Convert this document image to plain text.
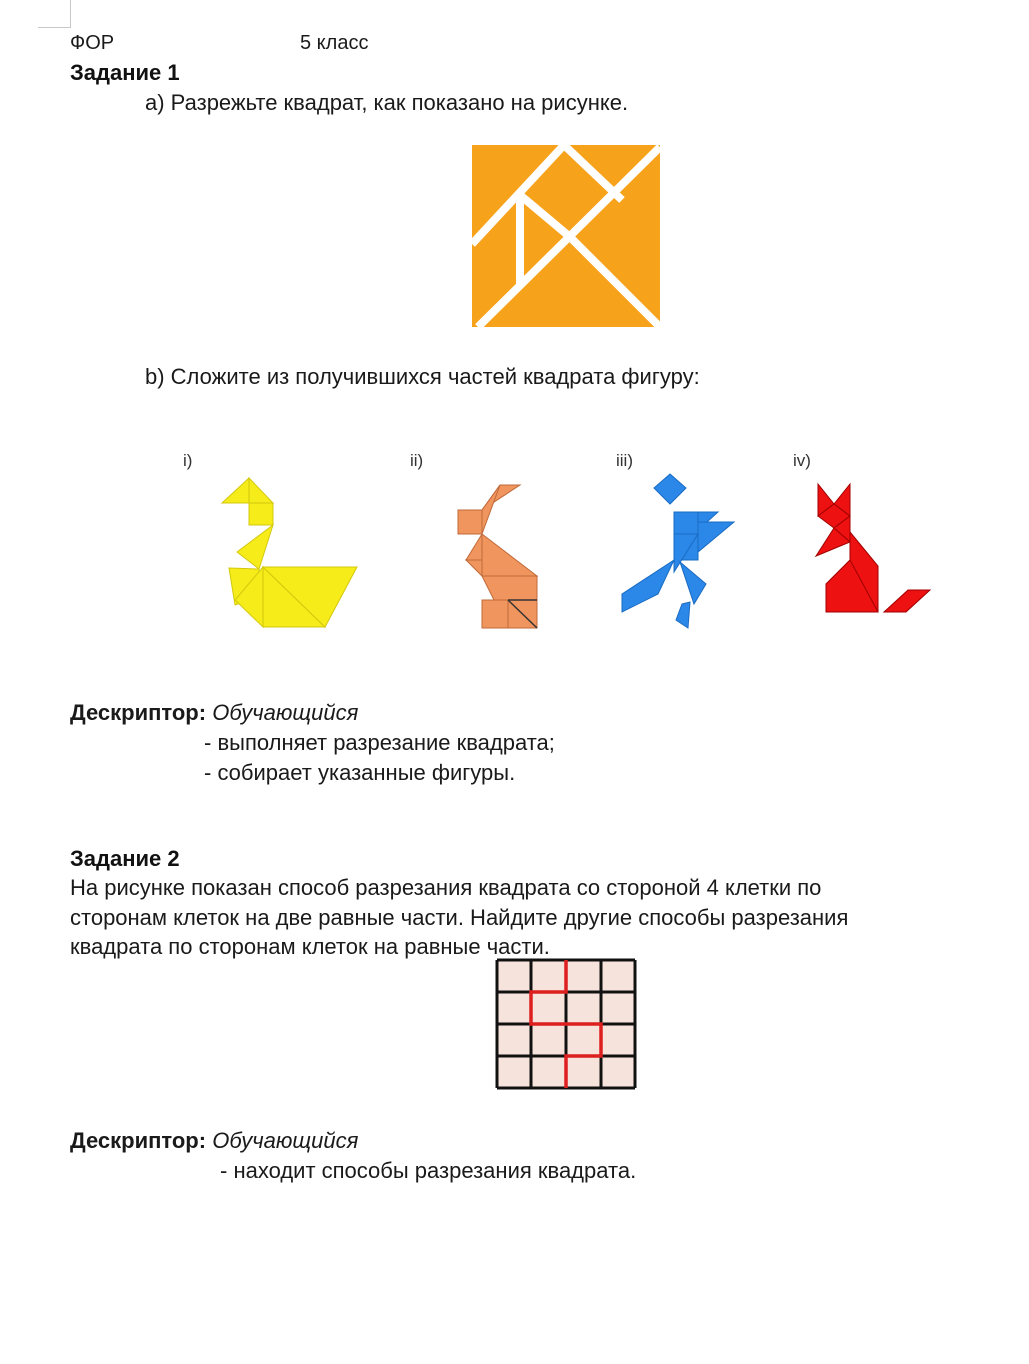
ФОР	5 класс
Задание 1
a) Разрежьте квадрат, как показано на рисунке.
b) Сложите из получившихся частей квадрата фигуру:
i)	ii)	iii)	iv)
Дескриптор: Обучающийся
- выполняет разрезание квадрата;
- собирает указанные фигуры.
Задание 2
На рисунке показан способ разрезания квадрата со стороной 4 клетки по
сторонам клеток на две равные части. Найдите другие способы разрезания
квадрата по сторонам клеток на равные части.
Дескриптор: Обучающийся
- находит способы разрезания квадрата.
